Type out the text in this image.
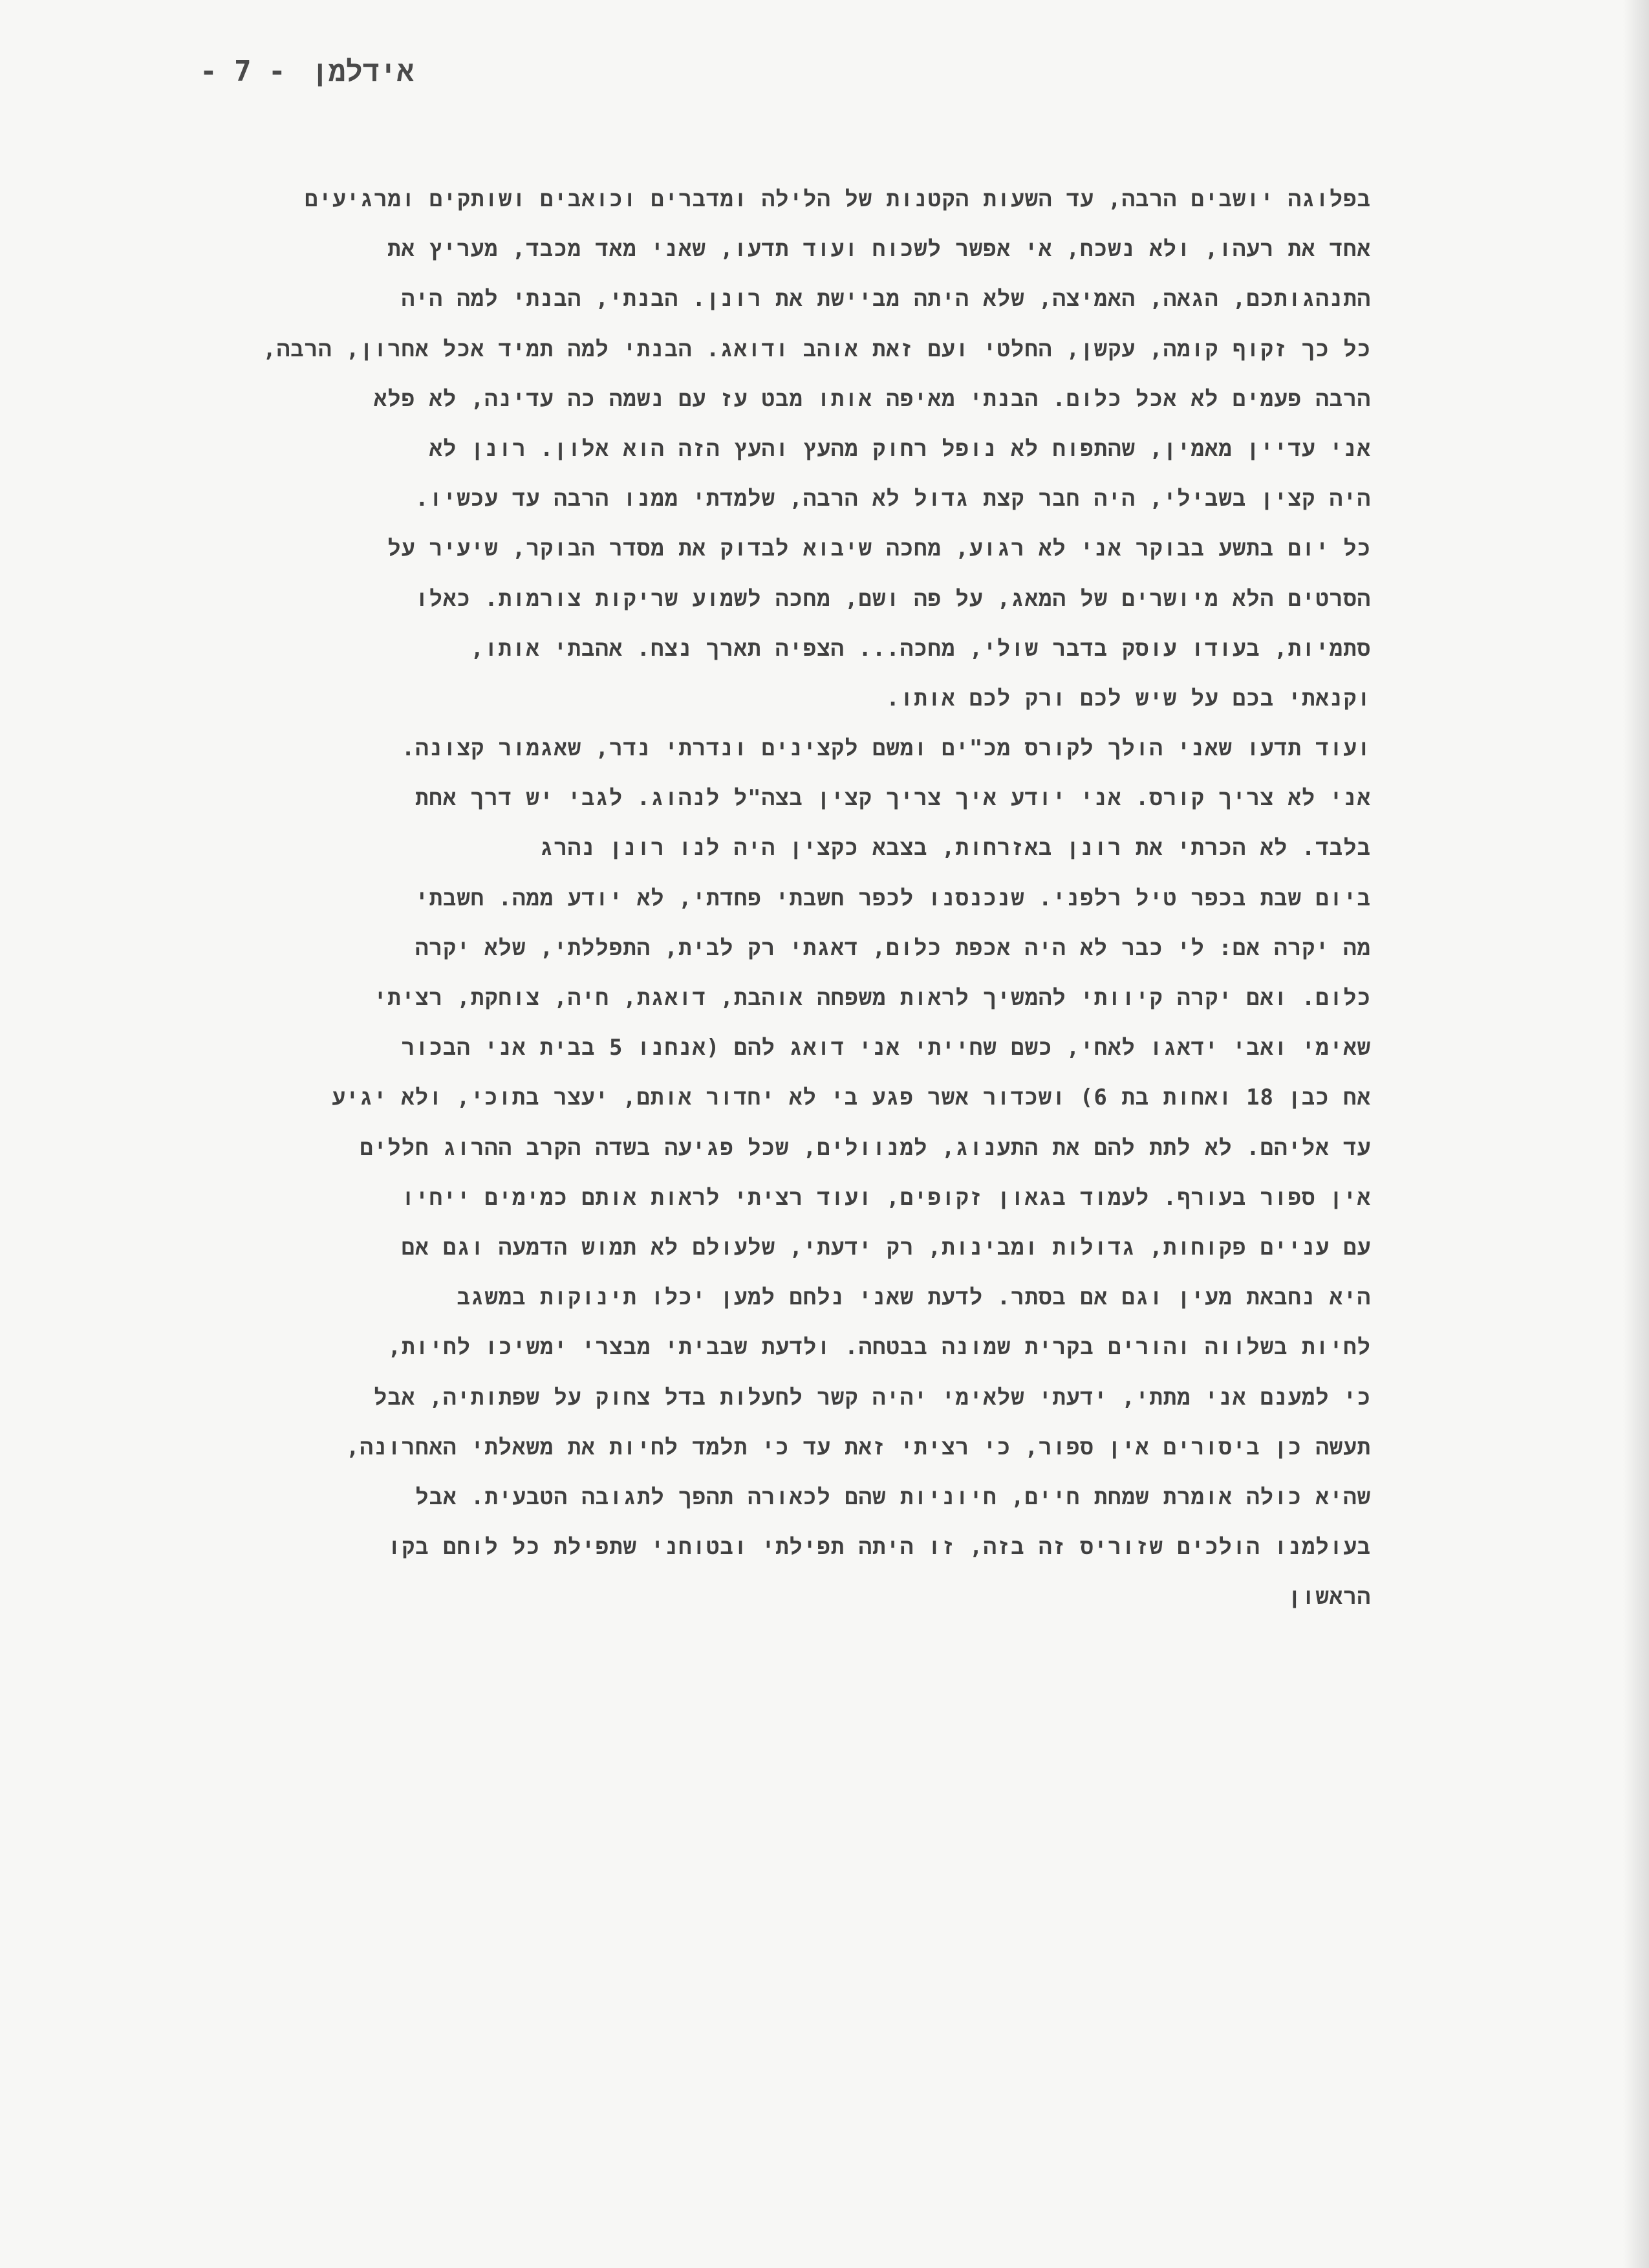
אידלמן- 7 -
בפלוגה יושבים הרבה, עד השעות הקטנות של הלילה ומדברים וכואבים ושותקים ומרגיעים
אחד את רעהו, ולא נשכח, אי אפשר לשכוח ועוד תדעו, שאני מאד מכבד, מעריץ את
התנהגותכם, הגאה, האמיצה, שלא היתה מביישת את רונן. הבנתי, הבנתי למה היה
כל כך זקוף קומה, עקשן, החלטי ועם זאת אוהב ודואג. הבנתי למה תמיד אכל אחרון, הרבה,
הרבה פעמים לא אכל כלום. הבנתי מאיפה אותו מבט עז עם נשמה כה עדינה, לא פלא
אני עדיין מאמין, שהתפוח לא נופל רחוק מהעץ והעץ הזה הוא אלון. רונן לא
היה קצין בשבילי, היה חבר קצת גדול לא הרבה, שלמדתי ממנו הרבה עד עכשיו.
כל יום בתשע בבוקר אני לא רגוע, מחכה שיבוא לבדוק את מסדר הבוקר, שיעיר על
הסרטים הלא מיושרים של המאג, על פה ושם, מחכה לשמוע שריקות צורמות. כאלו
סתמיות, בעודו עוסק בדבר שולי, מחכה... הצפיה תארך נצח. אהבתי אותו,
וקנאתי בכם על שיש לכם ורק לכם אותו.
ועוד תדעו שאני הולך לקורס מכ"ים ומשם לקצינים ונדרתי נדר, שאגמור קצונה.
אני לא צריך קורס. אני יודע איך צריך קצין בצה"ל לנהוג. לגבי יש דרך אחת
בלבד. לא הכרתי את רונן באזרחות, בצבא כקצין היה לנו רונן נהרג
ביום שבת בכפר טיל רלפני. שנכנסנו לכפר חשבתי פחדתי, לא יודע ממה. חשבתי
מה יקרה אם: לי כבר לא היה אכפת כלום, דאגתי רק לבית, התפללתי, שלא יקרה
כלום. ואם יקרה קיוותי להמשיך לראות משפחה אוהבת, דואגת, חיה, צוחקת, רציתי
שאימי ואבי ידאגו לאחי, כשם שחייתי אני דואג להם (אנחנו 5 בבית אני הבכור
אח כבן 18 ואחות בת 6) ושכדור אשר פגע בי לא יחדור אותם, יעצר בתוכי, ולא יגיע
עד אליהם. לא לתת להם את התענוג, למנוולים, שכל פגיעה בשדה הקרב ההרוג חללים
אין ספור בעורף. לעמוד בגאון זקופים, ועוד רציתי לראות אותם כמימים ייחיו
עם עניים פקוחות, גדולות ומבינות, רק ידעתי, שלעולם לא תמוש הדמעה וגם אם
היא נחבאת מעין וגם אם בסתר. לדעת שאני נלחם למען יכלו תינוקות במשגב
לחיות בשלווה והורים בקרית שמונה בבטחה. ולדעת שבביתי מבצרי ימשיכו לחיות,
כי למענם אני מתתי, ידעתי שלאימי יהיה קשר לחעלות בדל צחוק על שפתותיה, אבל
תעשה כן ביסורים אין ספור, כי רציתי זאת עד כי תלמד לחיות את משאלתי האחרונה,
שהיא כולה אומרת שמחת חיים, חיוניות שהם לכאורה תהפך לתגובה הטבעית. אבל
בעולמנו הולכים שזוריס זה בזה, זו היתה תפילתי ובטוחני שתפילת כל לוחם בקו
הראשון
